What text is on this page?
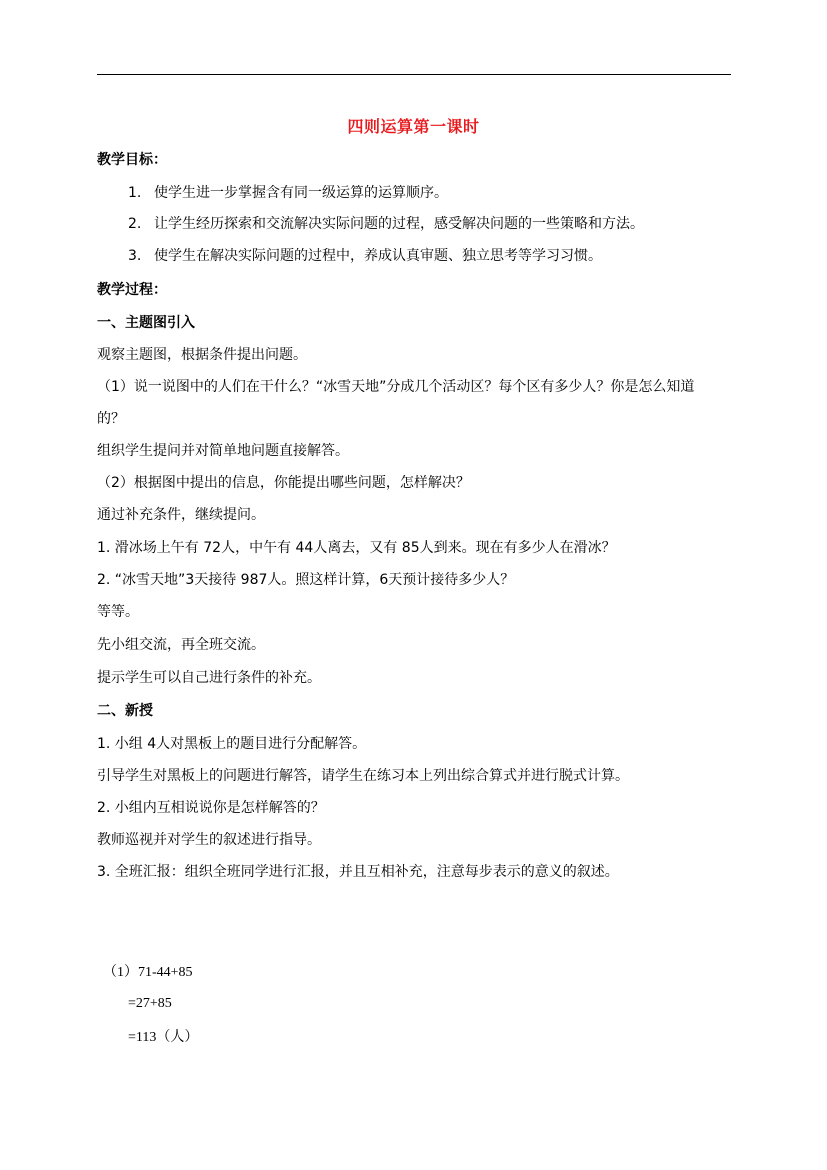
四则运算第一课时
教学目标：
1. 使学生进一步掌握含有同一级运算的运算顺序。
2. 让学生经历探索和交流解决实际问题的过程，感受解决问题的一些策略和方法。
3. 使学生在解决实际问题的过程中，养成认真审题、独立思考等学习习惯。
教学过程：
一、主题图引入
观察主题图，根据条件提出问题。
（1）说一说图中的人们在干什么？“冰雪天地”分成几个活动区？每个区有多少人？你是怎么知道
的？
组织学生提问并对简单地问题直接解答。
（2）根据图中提出的信息，你能提出哪些问题，怎样解决？
通过补充条件，继续提问。
1. 滑冰场上午有 72人，中午有 44人离去，又有 85人到来。现在有多少人在滑冰？
2. “冰雪天地”3天接待 987人。照这样计算，6天预计接待多少人？
等等。
先小组交流，再全班交流。
提示学生可以自己进行条件的补充。
二、新授
1. 小组 4人对黑板上的题目进行分配解答。
引导学生对黑板上的问题进行解答，请学生在练习本上列出综合算式并进行脱式计算。
2. 小组内互相说说你是怎样解答的？
教师巡视并对学生的叙述进行指导。
3. 全班汇报：组织全班同学进行汇报，并且互相补充，注意每步表示的意义的叙述。
（1）71-44+85
=27+85
=113（人）
